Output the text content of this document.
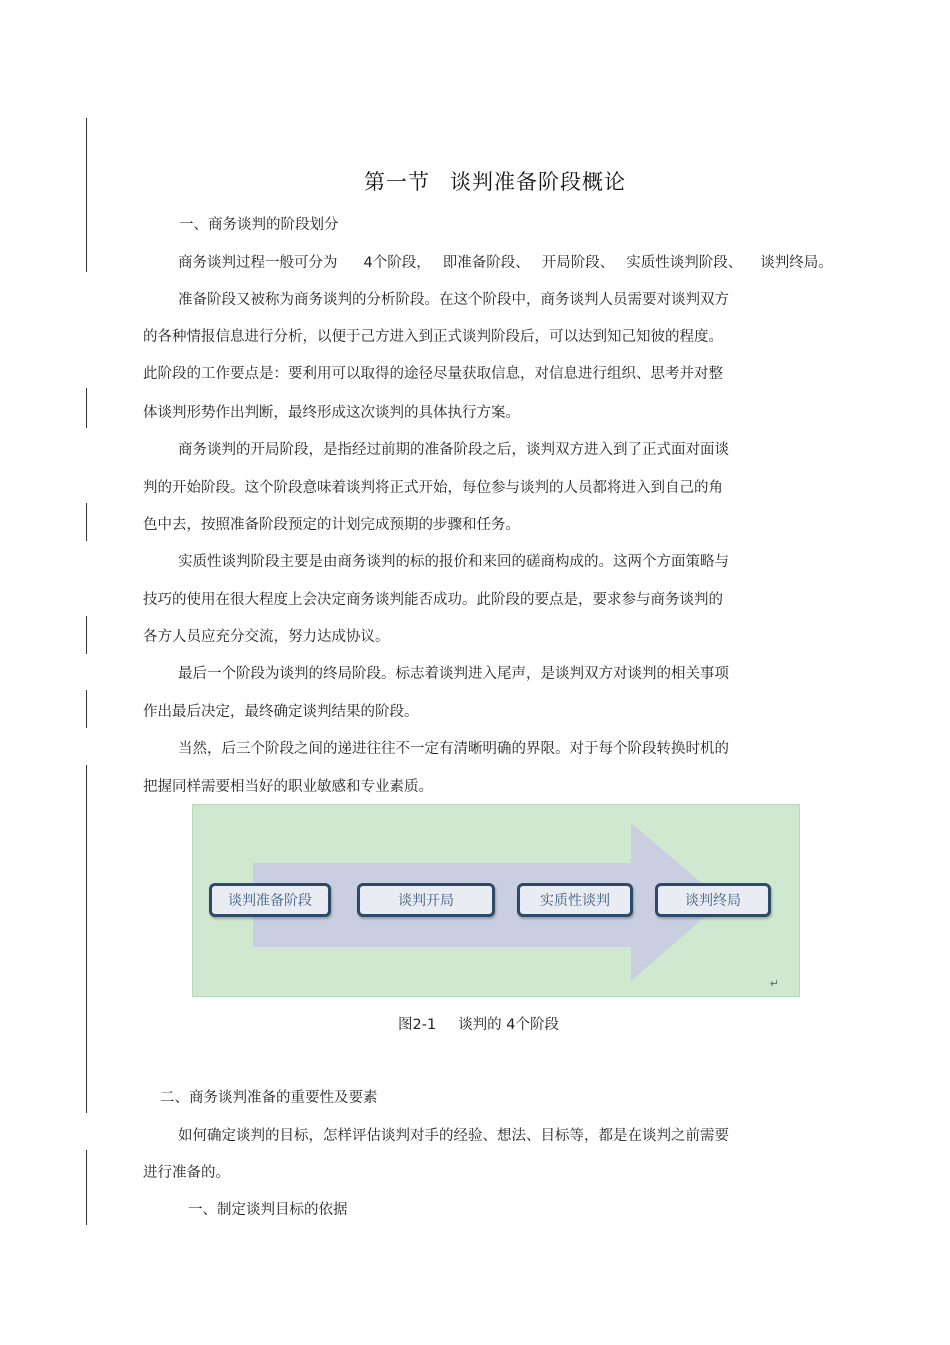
第一节 谈判准备阶段概论
一、商务谈判的阶段划分
商务谈判过程一般可分为 4个阶段， 即准备阶段、 开局阶段、 实质性谈判阶段、 谈判终局。
准备阶段又被称为商务谈判的分析阶段。在这个阶段中，商务谈判人员需要对谈判双方
的各种情报信息进行分析，以便于己方进入到正式谈判阶段后，可以达到知己知彼的程度。
此阶段的工作要点是：要利用可以取得的途径尽量获取信息，对信息进行组织、思考并对整
体谈判形势作出判断，最终形成这次谈判的具体执行方案。
商务谈判的开局阶段，是指经过前期的准备阶段之后，谈判双方进入到了正式面对面谈
判的开始阶段。这个阶段意味着谈判将正式开始，每位参与谈判的人员都将进入到自己的角
色中去，按照准备阶段预定的计划完成预期的步骤和任务。
实质性谈判阶段主要是由商务谈判的标的报价和来回的磋商构成的。这两个方面策略与
技巧的使用在很大程度上会决定商务谈判能否成功。此阶段的要点是，要求参与商务谈判的
各方人员应充分交流，努力达成协议。
最后一个阶段为谈判的终局阶段。标志着谈判进入尾声，是谈判双方对谈判的相关事项
作出最后决定，最终确定谈判结果的阶段。
当然，后三个阶段之间的递进往往不一定有清晰明确的界限。对于每个阶段转换时机的
把握同样需要相当好的职业敏感和专业素质。
谈判准备阶段	谈判开局	实质性谈判	谈判终局
↵
图2-1 谈判的 4个阶段
二、商务谈判准备的重要性及要素
如何确定谈判的目标，怎样评估谈判对手的经验、想法、目标等，都是在谈判之前需要
进行准备的。
一、制定谈判目标的依据
